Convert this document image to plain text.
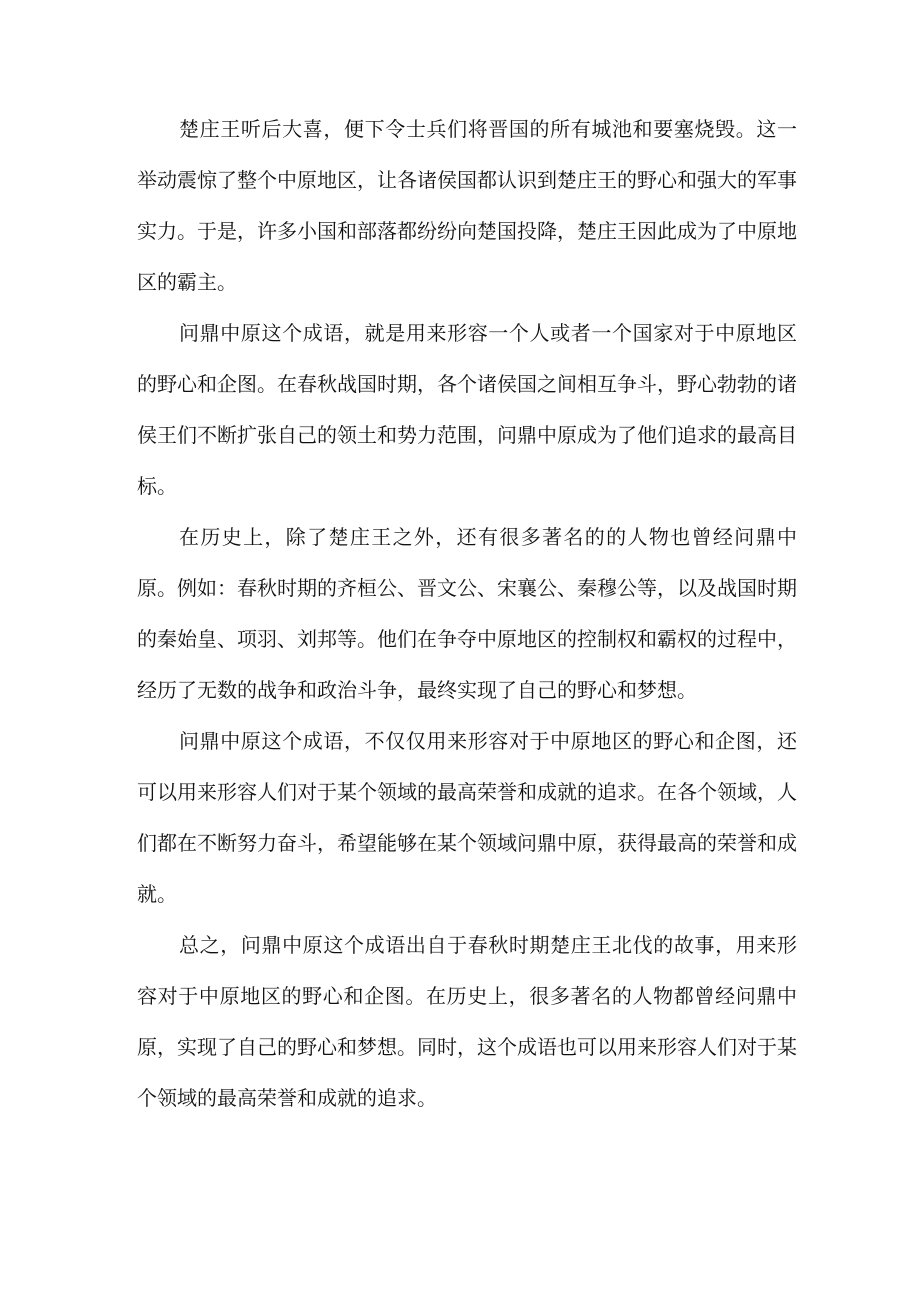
楚庄王听后大喜，便下令士兵们将晋国的所有城池和要塞烧毁。这一举动震惊了整个中原地区，让各诸侯国都认识到楚庄王的野心和强大的军事实力。于是，许多小国和部落都纷纷向楚国投降，楚庄王因此成为了中原地区的霸主。

问鼎中原这个成语，就是用来形容一个人或者一个国家对于中原地区的野心和企图。在春秋战国时期，各个诸侯国之间相互争斗，野心勃勃的诸侯王们不断扩张自己的领土和势力范围，问鼎中原成为了他们追求的最高目标。

在历史上，除了楚庄王之外，还有很多著名的的人物也曾经问鼎中原。例如：春秋时期的齐桓公、晋文公、宋襄公、秦穆公等，以及战国时期的秦始皇、项羽、刘邦等。他们在争夺中原地区的控制权和霸权的过程中，经历了无数的战争和政治斗争，最终实现了自己的野心和梦想。

问鼎中原这个成语，不仅仅用来形容对于中原地区的野心和企图，还可以用来形容人们对于某个领域的最高荣誉和成就的追求。在各个领域，人们都在不断努力奋斗，希望能够在某个领域问鼎中原，获得最高的荣誉和成就。

总之，问鼎中原这个成语出自于春秋时期楚庄王北伐的故事，用来形容对于中原地区的野心和企图。在历史上，很多著名的人物都曾经问鼎中原，实现了自己的野心和梦想。同时，这个成语也可以用来形容人们对于某个领域的最高荣誉和成就的追求。
